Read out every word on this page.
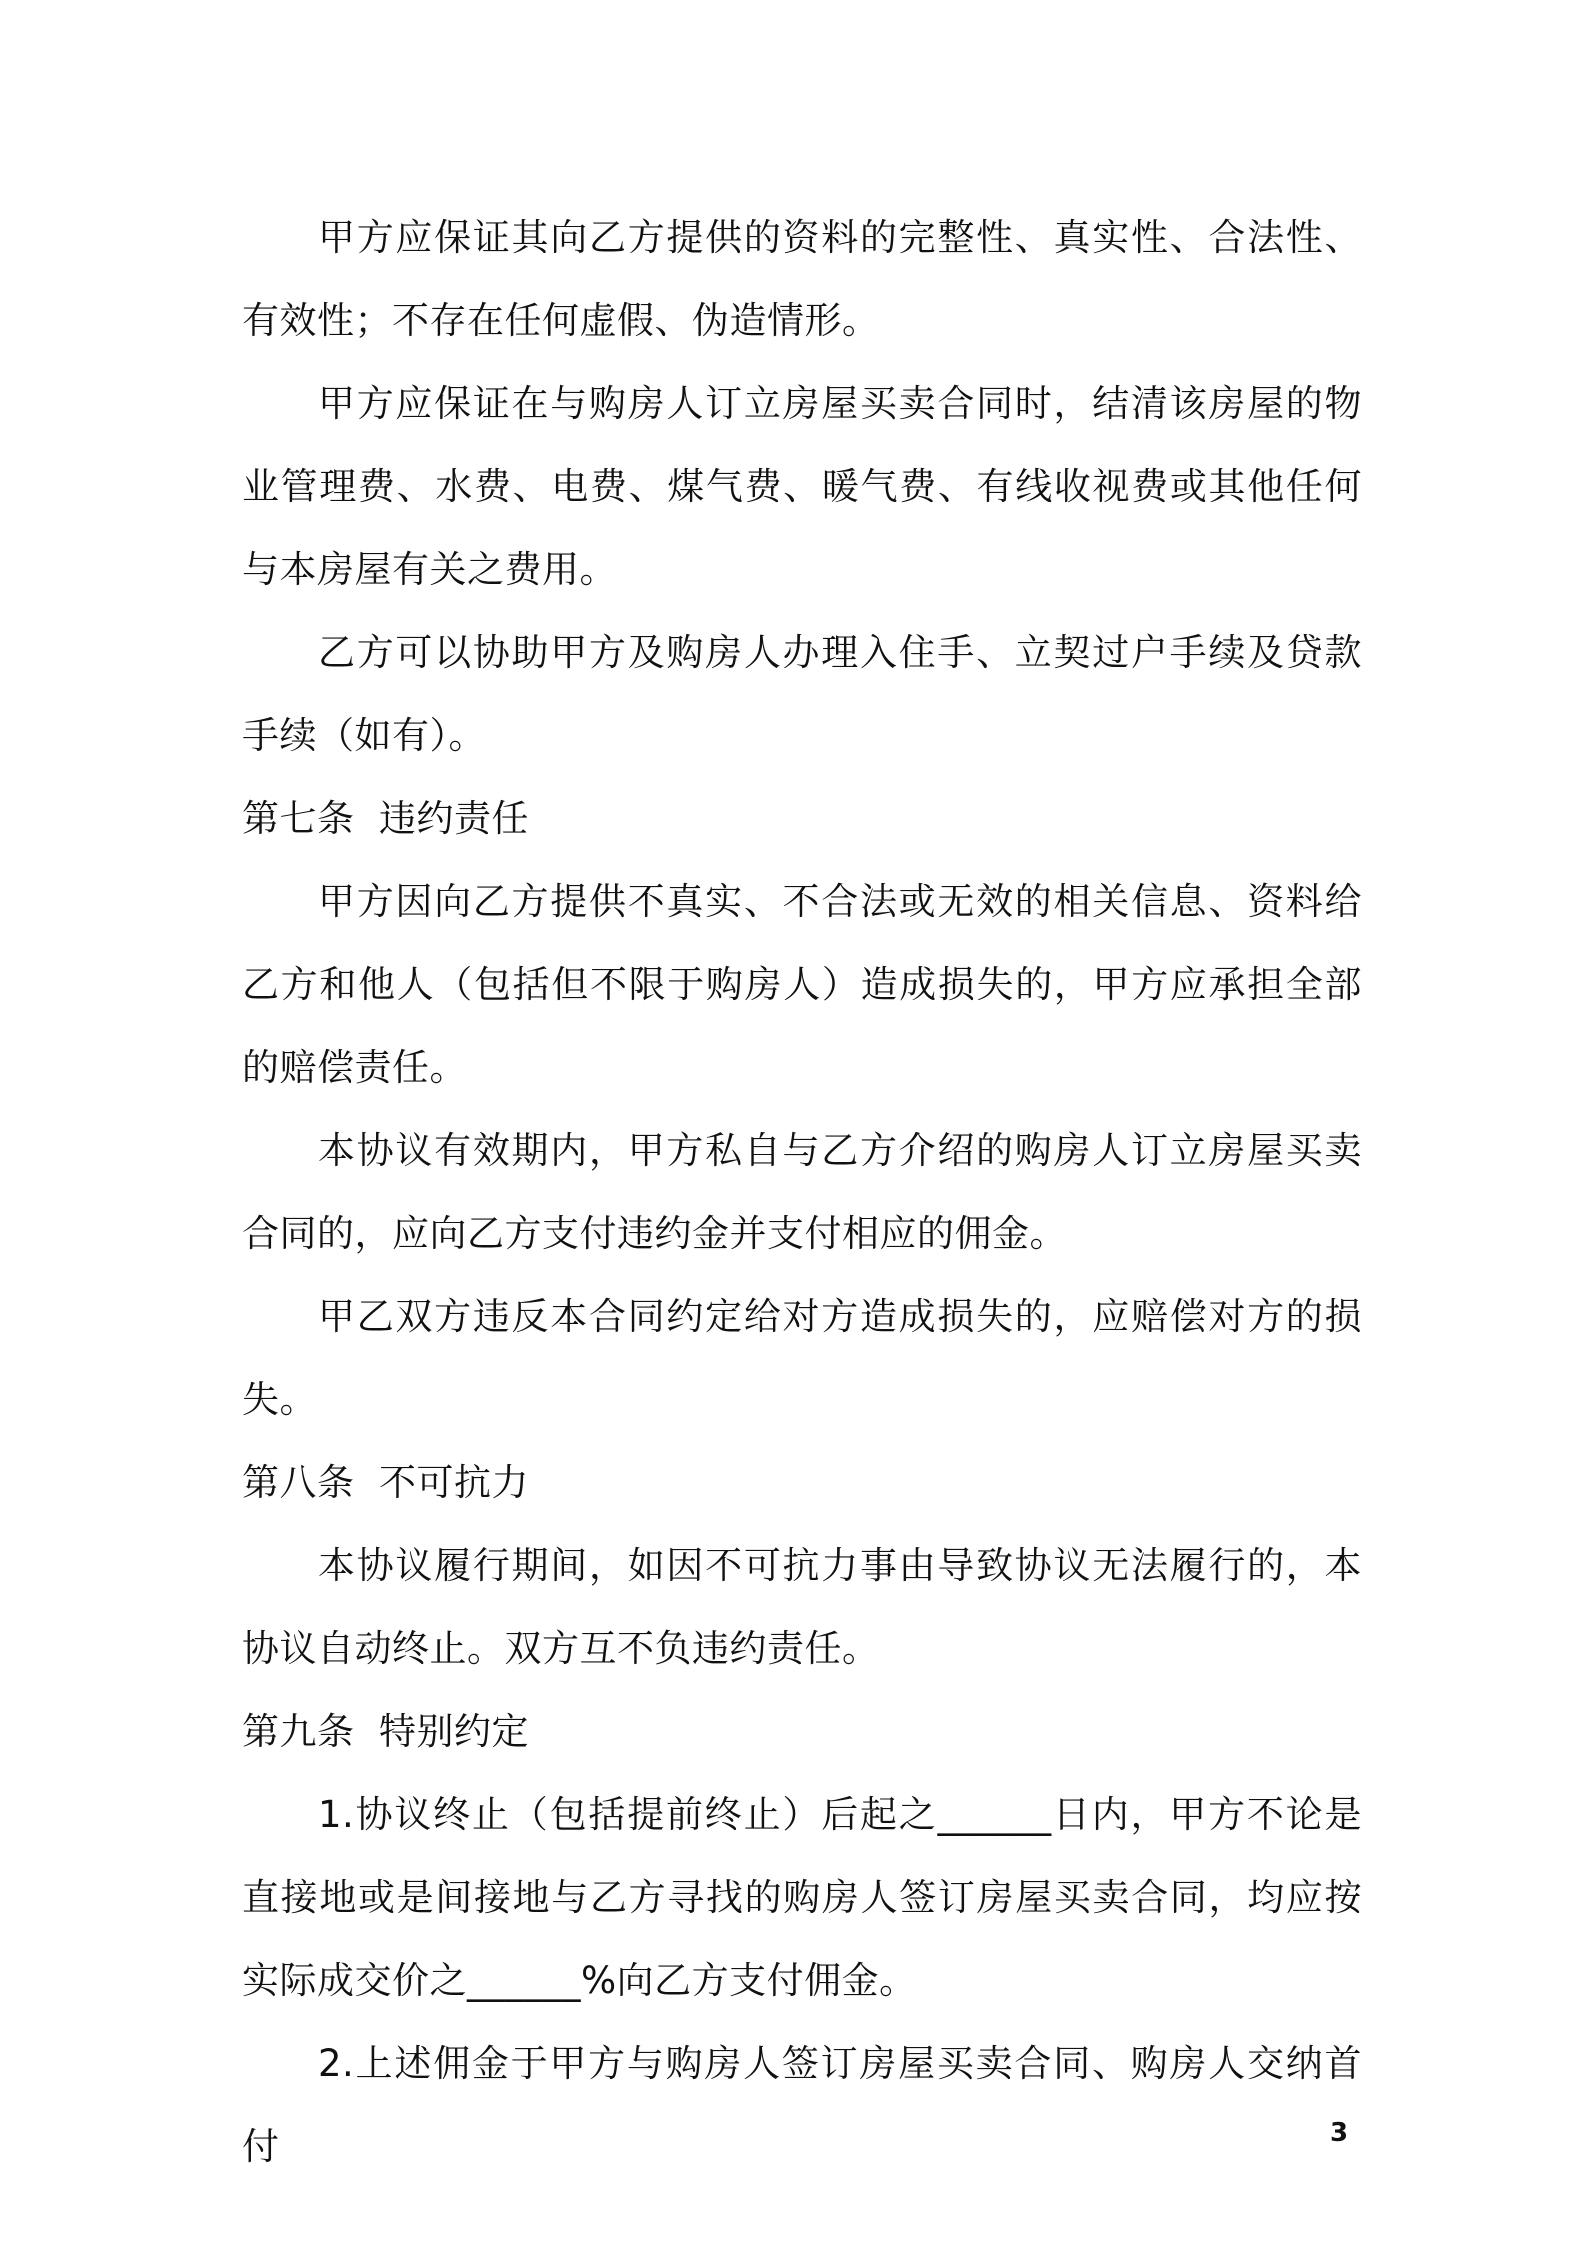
甲方应保证其向乙方提供的资料的完整性、真实性、合法性、有效性；不存在任何虚假、伪造情形。

甲方应保证在与购房人订立房屋买卖合同时，结清该房屋的物业管理费、水费、电费、煤气费、暖气费、有线收视费或其他任何与本房屋有关之费用。

乙方可以协助甲方及购房人办理入住手、立契过户手续及贷款手续（如有）。

第七条  违约责任

甲方因向乙方提供不真实、不合法或无效的相关信息、资料给乙方和他人（包括但不限于购房人）造成损失的，甲方应承担全部的赔偿责任。

本协议有效期内，甲方私自与乙方介绍的购房人订立房屋买卖合同的，应向乙方支付违约金并支付相应的佣金。

甲乙双方违反本合同约定给对方造成损失的，应赔偿对方的损失。

第八条  不可抗力

本协议履行期间，如因不可抗力事由导致协议无法履行的，本协议自动终止。双方互不负违约责任。

第九条  特别约定

1.协议终止（包括提前终止）后起之______日内，甲方不论是直接地或是间接地与乙方寻找的购房人签订房屋买卖合同，均应按实际成交价之______%向乙方支付佣金。

2.上述佣金于甲方与购房人签订房屋买卖合同、购房人交纳首付	3
